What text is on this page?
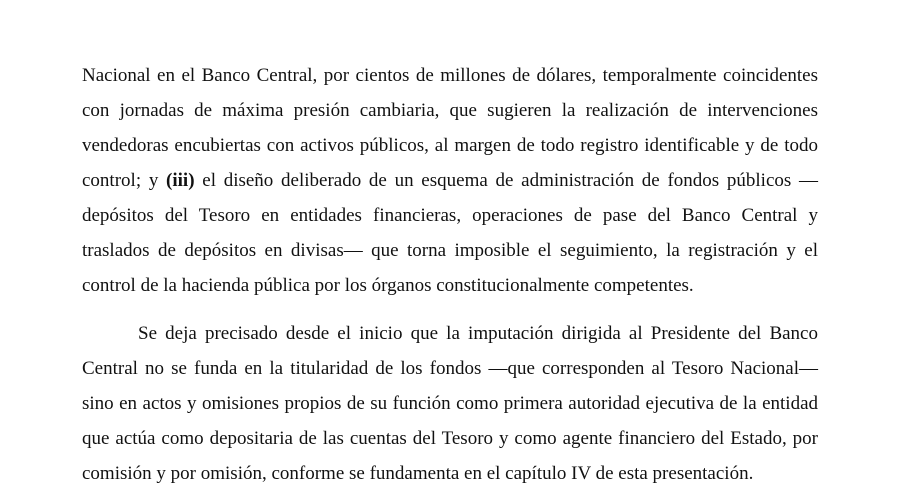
Nacional en el Banco Central, por cientos de millones de dólares, temporalmente coincidentes
con jornadas de máxima presión cambiaria, que sugieren la realización de intervenciones
vendedoras encubiertas con activos públicos, al margen de todo registro identificable y de todo
control; y (iii) el diseño deliberado de un esquema de administración de fondos públicos —
depósitos del Tesoro en entidades financieras, operaciones de pase del Banco Central y
traslados de depósitos en divisas— que torna imposible el seguimiento, la registración y el
control de la hacienda pública por los órganos constitucionalmente competentes.
Se deja precisado desde el inicio que la imputación dirigida al Presidente del Banco
Central no se funda en la titularidad de los fondos —que corresponden al Tesoro Nacional—
sino en actos y omisiones propios de su función como primera autoridad ejecutiva de la entidad
que actúa como depositaria de las cuentas del Tesoro y como agente financiero del Estado, por
comisión y por omisión, conforme se fundamenta en el capítulo IV de esta presentación.
